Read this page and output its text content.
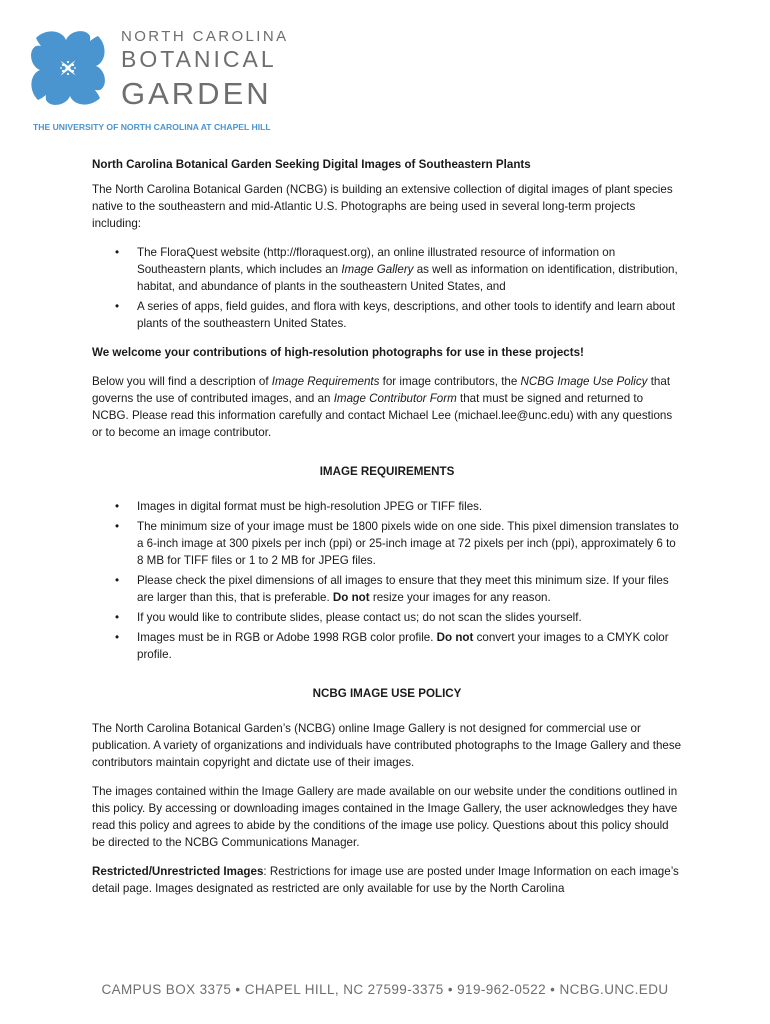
NORTH CAROLINA
BOTANICAL
GARDEN
THE UNIVERSITY OF NORTH CAROLINA AT CHAPEL HILL

North Carolina Botanical Garden Seeking Digital Images of Southeastern Plants

The North Carolina Botanical Garden (NCBG) is building an extensive collection of digital images of plant species native to the southeastern and mid-Atlantic U.S. Photographs are being used in several long-term projects including:

• The FloraQuest website (http://floraquest.org), an online illustrated resource of information on Southeastern plants, which includes an Image Gallery as well as information on identification, distribution, habitat, and abundance of plants in the southeastern United States, and
• A series of apps, field guides, and flora with keys, descriptions, and other tools to identify and learn about plants of the southeastern United States.

We welcome your contributions of high-resolution photographs for use in these projects!

Below you will find a description of Image Requirements for image contributors, the NCBG Image Use Policy that governs the use of contributed images, and an Image Contributor Form that must be signed and returned to NCBG. Please read this information carefully and contact Michael Lee (michael.lee@unc.edu) with any questions or to become an image contributor.

IMAGE REQUIREMENTS

• Images in digital format must be high-resolution JPEG or TIFF files.
• The minimum size of your image must be 1800 pixels wide on one side. This pixel dimension translates to a 6-inch image at 300 pixels per inch (ppi) or 25-inch image at 72 pixels per inch (ppi), approximately 6 to 8 MB for TIFF files or 1 to 2 MB for JPEG files.
• Please check the pixel dimensions of all images to ensure that they meet this minimum size. If your files are larger than this, that is preferable. Do not resize your images for any reason.
• If you would like to contribute slides, please contact us; do not scan the slides yourself.
• Images must be in RGB or Adobe 1998 RGB color profile. Do not convert your images to a CMYK color profile.

NCBG IMAGE USE POLICY

The North Carolina Botanical Garden’s (NCBG) online Image Gallery is not designed for commercial use or publication. A variety of organizations and individuals have contributed photographs to the Image Gallery and these contributors maintain copyright and dictate use of their images.

The images contained within the Image Gallery are made available on our website under the conditions outlined in this policy. By accessing or downloading images contained in the Image Gallery, the user acknowledges they have read this policy and agrees to abide by the conditions of the image use policy. Questions about this policy should be directed to the NCBG Communications Manager.

Restricted/Unrestricted Images: Restrictions for image use are posted under Image Information on each image’s detail page. Images designated as restricted are only available for use by the North Carolina

CAMPUS BOX 3375 • CHAPEL HILL, NC 27599-3375 • 919-962-0522 • NCBG.UNC.EDU
